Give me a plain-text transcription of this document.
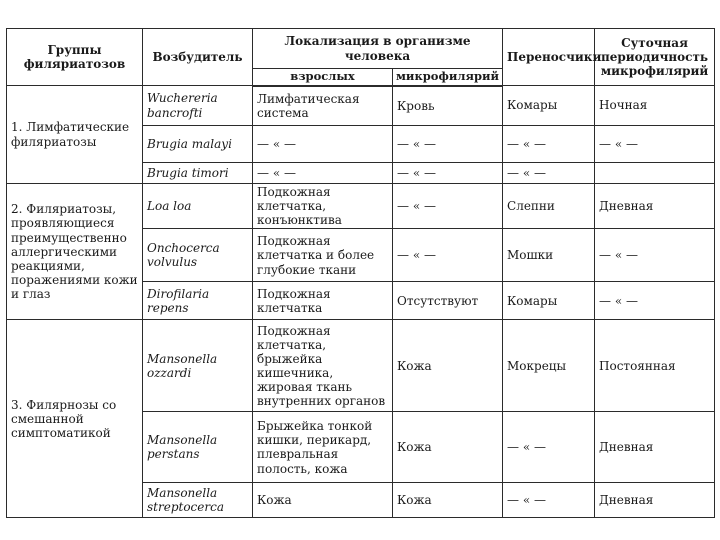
Группы филяриатозов	Возбудитель	Локализация в организме человека		Переносчики	Суточная периодичность микрофилярий
		взрослых	микрофилярий		
1. Лимфатические филяриатозы	Wuchereria bancrofti	Лимфатическая система	Кровь	Комары	Ночная
	Brugia malayi	— « —	— « —	— « —	— « —
	Brugia timori	— « —	— « —	— « —	
2. Филяриатозы, проявляющиеся преимущественно аллергическими реакциями, поражениями кожи и глаз	Loa loa	Подкожная клетчатка, конъюнктива	— « —	Слепни	Дневная
	Onchocerca volvulus	Подкожная клетчатка и более глубокие ткани	— « —	Мошки	— « —
	Dirofilaria repens	Подкожная клетчатка	Отсутствуют	Комары	— « —
3. Филярнозы со смешанной симптоматикой	Mansonella ozzardi	Подкожная клетчатка, брыжейка кишечника, жировая ткань внутренних органов	Кожа	Мокрецы	Постоянная
	Mansonella perstans	Брыжейка тонкой кишки, перикард, плевральная полость, кожа	Кожа	— « —	Дневная
	Mansonella streptocerca	Кожа	Кожа	— « —	Дневная
